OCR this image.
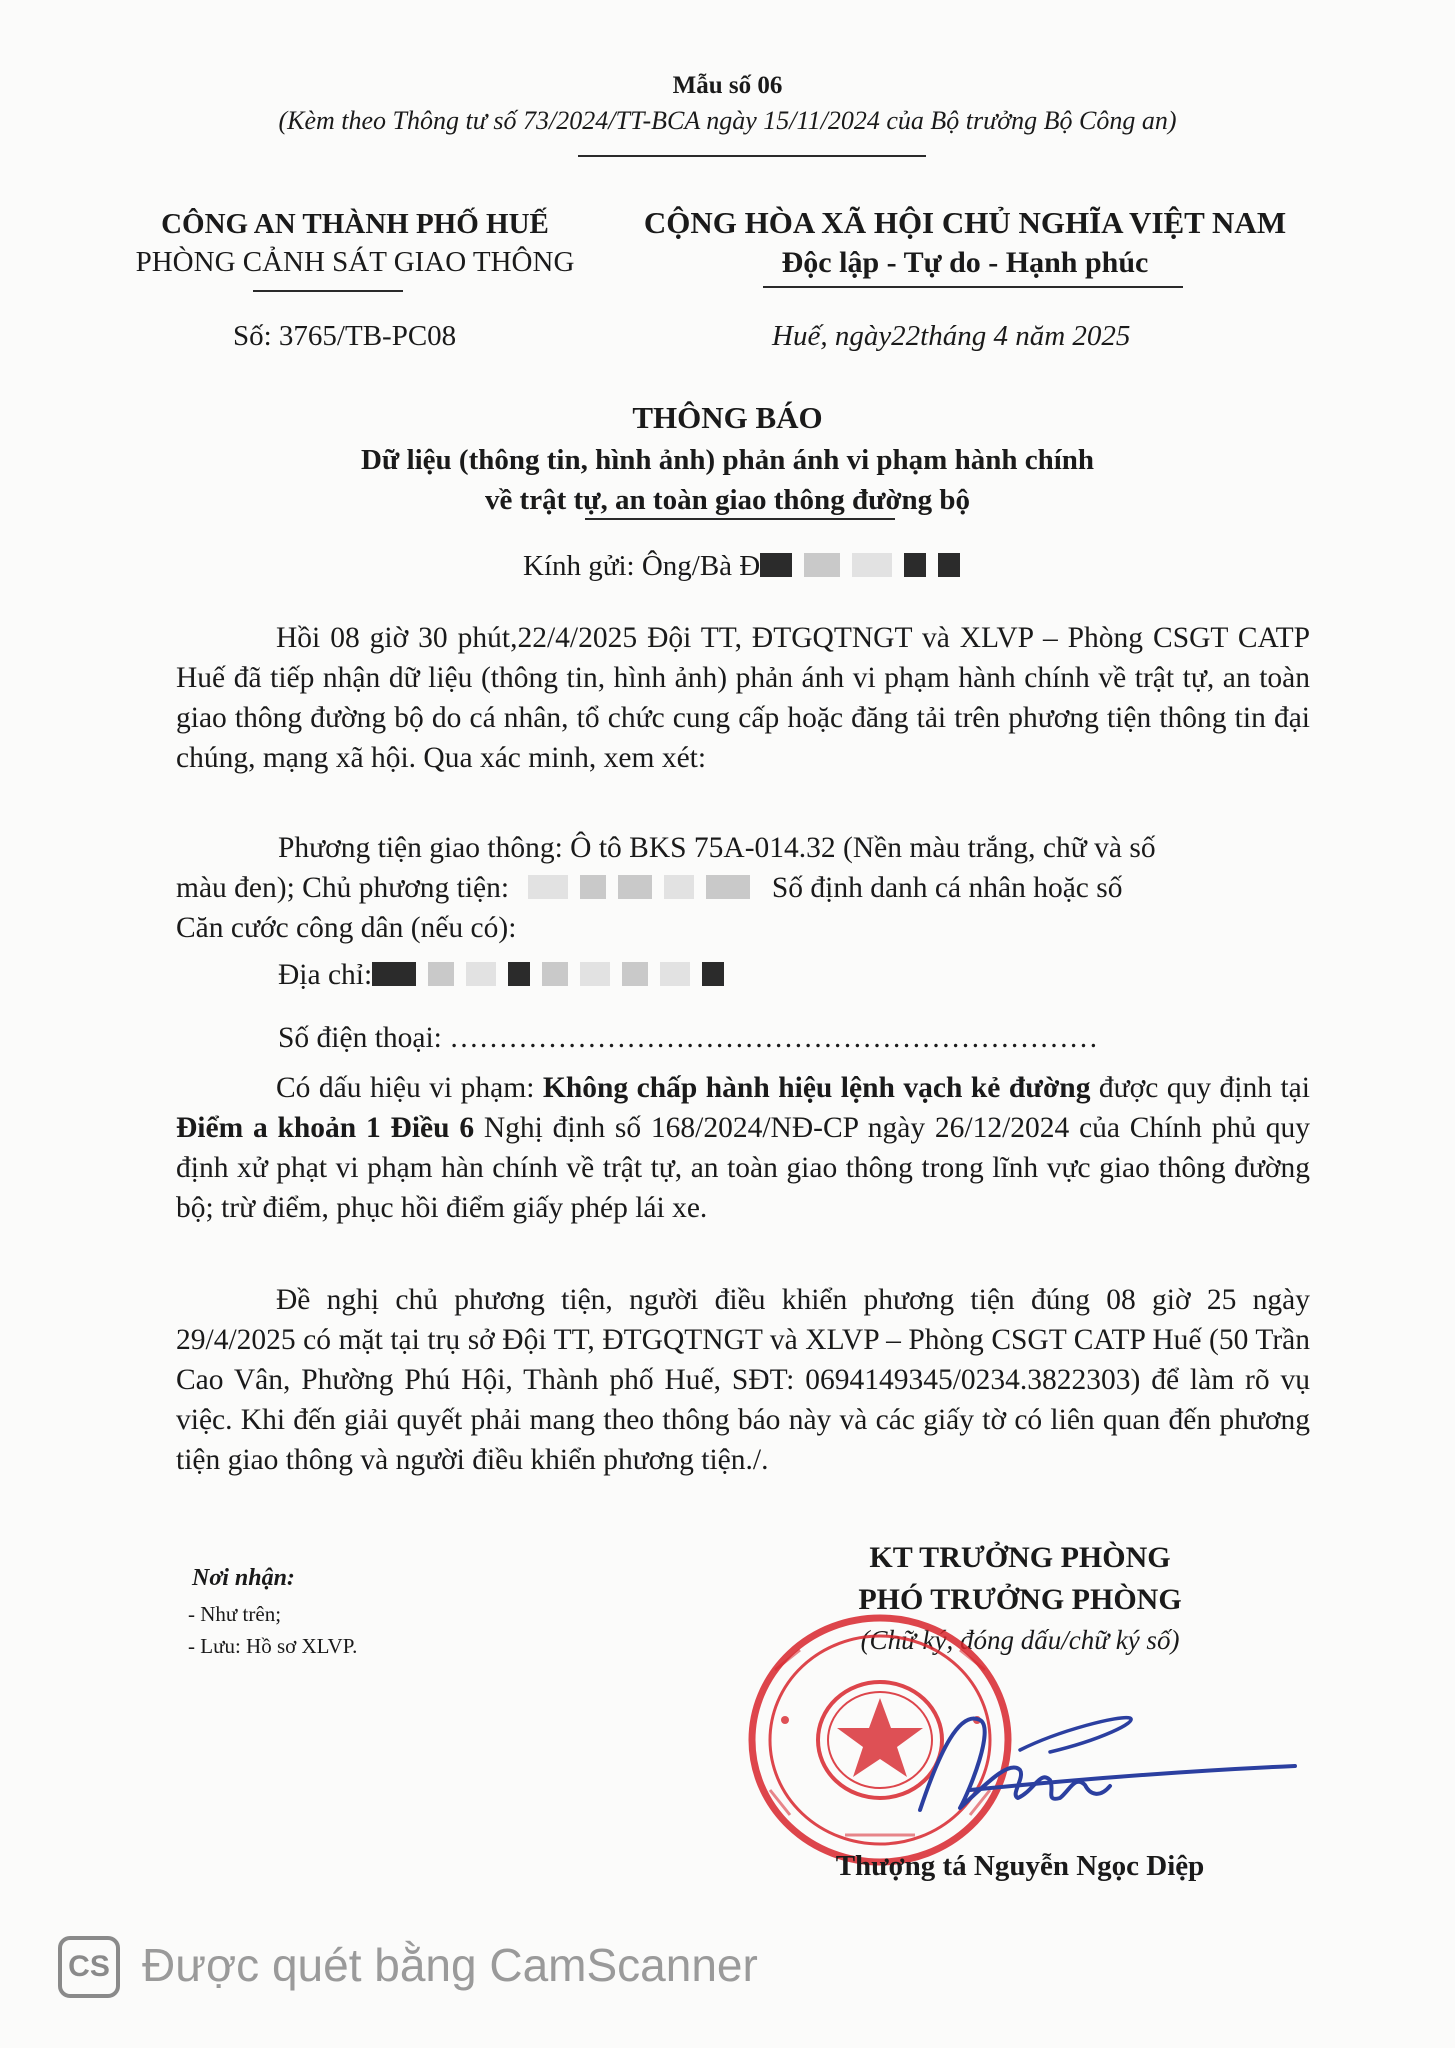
Mẫu số 06
(Kèm theo Thông tư số 73/2024/TT-BCA ngày 15/11/2024 của Bộ trưởng Bộ Công an)
CÔNG AN THÀNH PHỐ HUẾ
PHÒNG CẢNH SÁT GIAO THÔNG
CỘNG HÒA XÃ HỘI CHỦ NGHĨA VIỆT NAM
Độc lập - Tự do - Hạnh phúc
Số: 3765/TB-PC08	Huế, ngày22tháng 4 năm 2025
THÔNG BÁO
Dữ liệu (thông tin, hình ảnh) phản ánh vi phạm hành chính
về trật tự, an toàn giao thông đường bộ
Kính gửi: Ông/Bà Đ
Hồi 08 giờ 30 phút,22/4/2025 Đội TT, ĐTGQTNGT và XLVP – Phòng CSGT CATP Huế đã tiếp nhận dữ liệu (thông tin, hình ảnh) phản ánh vi phạm hành chính về trật tự, an toàn giao thông đường bộ do cá nhân, tổ chức cung cấp hoặc đăng tải trên phương tiện thông tin đại chúng, mạng xã hội. Qua xác minh, xem xét:
Phương tiện giao thông: Ô tô BKS 75A-014.32 (Nền màu trắng, chữ và số
màu đen); Chủ phương tiện:	Số định danh cá nhân hoặc số
Căn cước công dân (nếu có):
Địa chỉ:
Số điện thoại: …………………………………………………………
Có dấu hiệu vi phạm: Không chấp hành hiệu lệnh vạch kẻ đường được quy định tại Điểm a khoản 1 Điều 6 Nghị định số 168/2024/NĐ-CP ngày 26/12/2024 của Chính phủ quy định xử phạt vi phạm hàn chính về trật tự, an toàn giao thông trong lĩnh vực giao thông đường bộ; trừ điểm, phục hồi điểm giấy phép lái xe.
Đề nghị chủ phương tiện, người điều khiển phương tiện đúng 08 giờ 25 ngày 29/4/2025 có mặt tại trụ sở Đội TT, ĐTGQTNGT và XLVP – Phòng CSGT CATP Huế (50 Trần Cao Vân, Phường Phú Hội, Thành phố Huế, SĐT: 0694149345/0234.3822303) để làm rõ vụ việc. Khi đến giải quyết phải mang theo thông báo này và các giấy tờ có liên quan đến phương tiện giao thông và người điều khiển phương tiện./.
Nơi nhận:
- Như trên;
- Lưu: Hồ sơ XLVP.
KT TRƯỞNG PHÒNG
PHÓ TRƯỞNG PHÒNG
(Chữ ký, đóng dấu/chữ ký số)
Thượng tá Nguyễn Ngọc Diệp
CS Được quét bằng CamScanner
